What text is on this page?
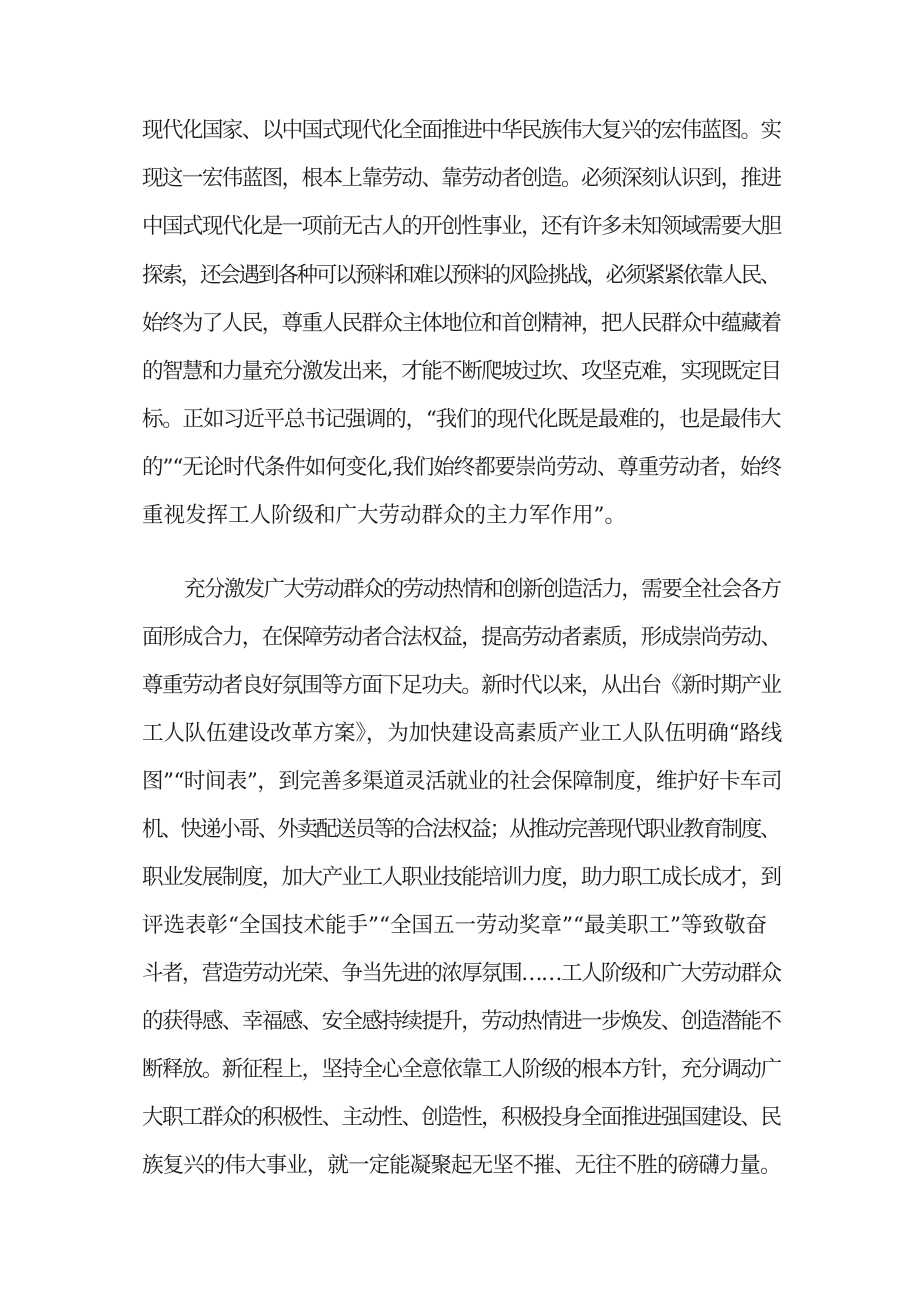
现代化国家、以中国式现代化全面推进中华民族伟大复兴的宏伟蓝图。实
现这一宏伟蓝图，根本上靠劳动、靠劳动者创造。必须深刻认识到，推进
中国式现代化是一项前无古人的开创性事业，还有许多未知领域需要大胆
探索，还会遇到各种可以预料和难以预料的风险挑战，必须紧紧依靠人民、
始终为了人民，尊重人民群众主体地位和首创精神，把人民群众中蕴藏着
的智慧和力量充分激发出来，才能不断爬坡过坎、攻坚克难，实现既定目
标。正如习近平总书记强调的，“我们的现代化既是最难的，也是最伟大
的”“无论时代条件如何变化,我们始终都要崇尚劳动、尊重劳动者，始终
重视发挥工人阶级和广大劳动群众的主力军作用”。
充分激发广大劳动群众的劳动热情和创新创造活力，需要全社会各方
面形成合力，在保障劳动者合法权益，提高劳动者素质，形成崇尚劳动、
尊重劳动者良好氛围等方面下足功夫。新时代以来，从出台《新时期产业
工人队伍建设改革方案》，为加快建设高素质产业工人队伍明确“路线
图”“时间表”，到完善多渠道灵活就业的社会保障制度，维护好卡车司
机、快递小哥、外卖配送员等的合法权益；从推动完善现代职业教育制度、
职业发展制度，加大产业工人职业技能培训力度，助力职工成长成才，到
评选表彰“全国技术能手”“全国五一劳动奖章”“最美职工”等致敬奋
斗者，营造劳动光荣、争当先进的浓厚氛围……工人阶级和广大劳动群众
的获得感、幸福感、安全感持续提升，劳动热情进一步焕发、创造潜能不
断释放。新征程上，坚持全心全意依靠工人阶级的根本方针，充分调动广
大职工群众的积极性、主动性、创造性，积极投身全面推进强国建设、民
族复兴的伟大事业，就一定能凝聚起无坚不摧、无往不胜的磅礴力量。
